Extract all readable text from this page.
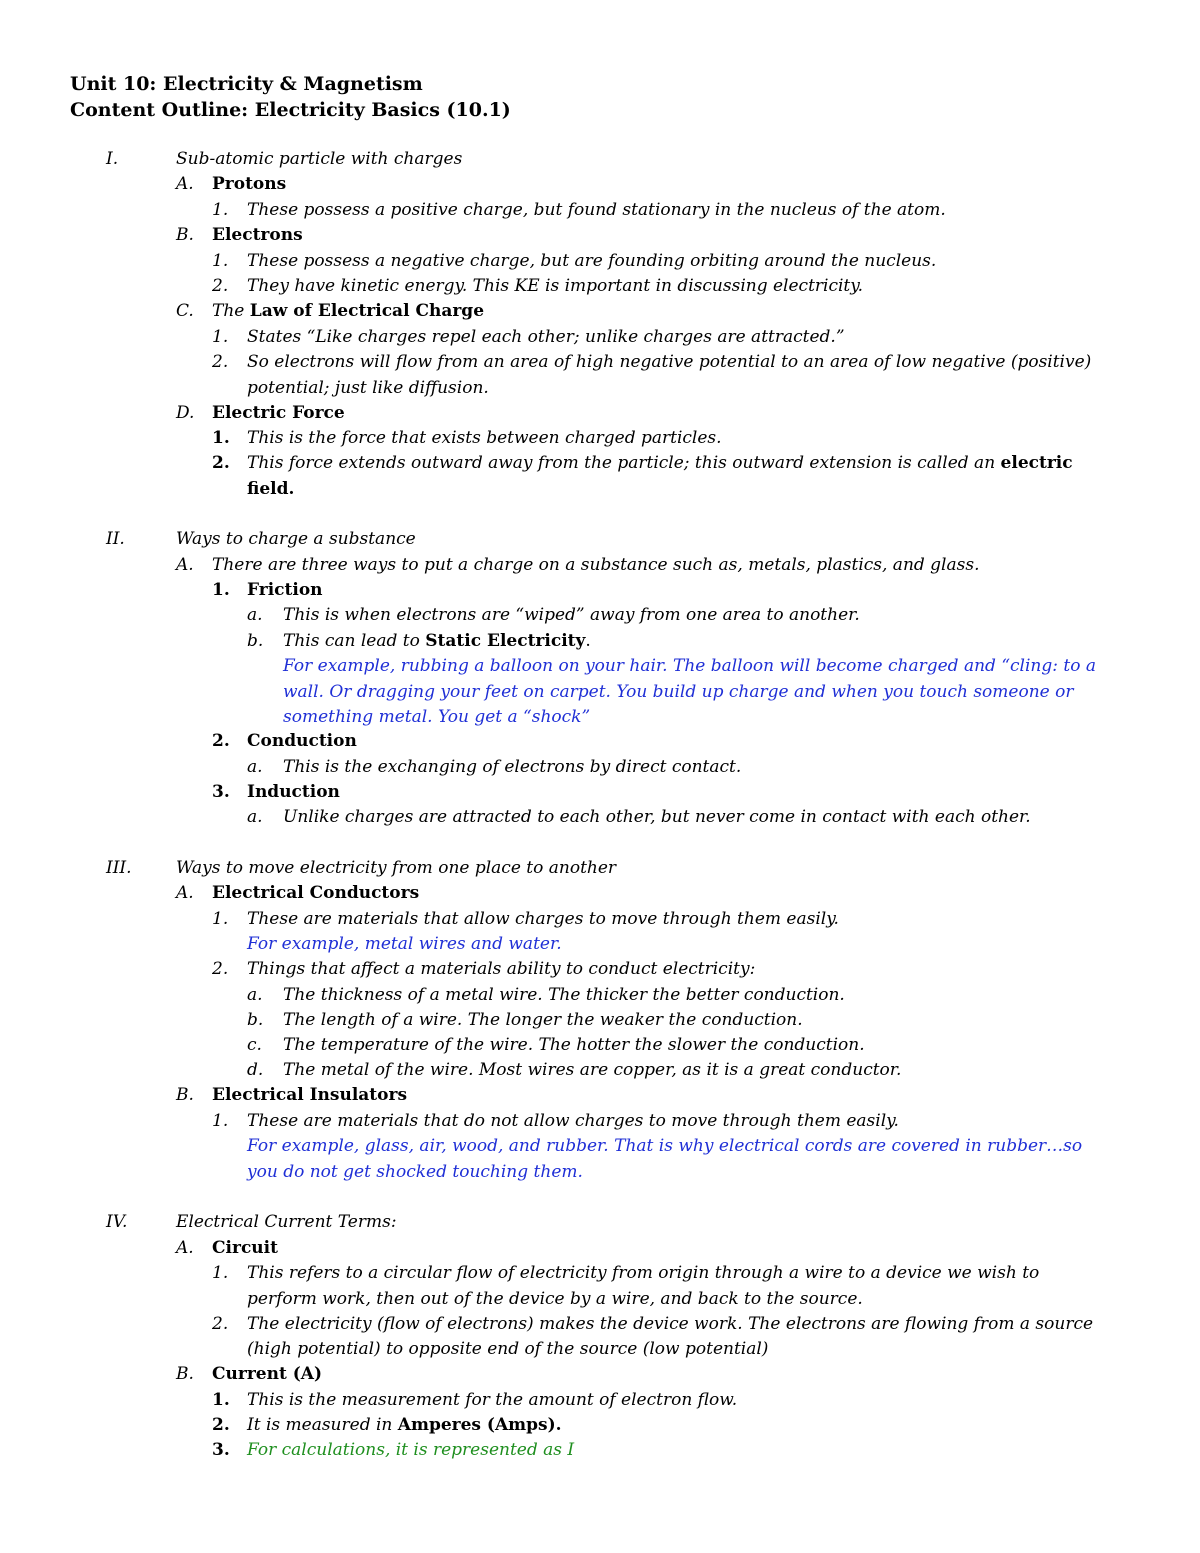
Unit 10: Electricity & Magnetism
Content Outline: Electricity Basics (10.1)
I.	Sub-atomic particle with charges
A. Protons
1. These possess a positive charge, but found stationary in the nucleus of the atom.
B. Electrons
1. These possess a negative charge, but are founding orbiting around the nucleus.
2. They have kinetic energy. This KE is important in discussing electricity.
C. The Law of Electrical Charge
1. States “Like charges repel each other; unlike charges are attracted.”
2. So electrons will flow from an area of high negative potential to an area of low negative (positive)
potential; just like diffusion.
D. Electric Force
1. This is the force that exists between charged particles.
2. This force extends outward away from the particle; this outward extension is called an electric
field.
II.	Ways to charge a substance
A. There are three ways to put a charge on a substance such as, metals, plastics, and glass.
1. Friction
a. This is when electrons are “wiped” away from one area to another.
b. This can lead to Static Electricity.
For example, rubbing a balloon on your hair. The balloon will become charged and “cling: to a
wall. Or dragging your feet on carpet. You build up charge and when you touch someone or
something metal. You get a “shock”
2. Conduction
a. This is the exchanging of electrons by direct contact.
3. Induction
a. Unlike charges are attracted to each other, but never come in contact with each other.
III.	Ways to move electricity from one place to another
A. Electrical Conductors
1. These are materials that allow charges to move through them easily.
For example, metal wires and water.
2. Things that affect a materials ability to conduct electricity:
a. The thickness of a metal wire. The thicker the better conduction.
b. The length of a wire. The longer the weaker the conduction.
c. The temperature of the wire. The hotter the slower the conduction.
d. The metal of the wire. Most wires are copper, as it is a great conductor.
B. Electrical Insulators
1. These are materials that do not allow charges to move through them easily.
For example, glass, air, wood, and rubber. That is why electrical cords are covered in rubber…so
you do not get shocked touching them.
IV.	Electrical Current Terms:
A. Circuit
1. This refers to a circular flow of electricity from origin through a wire to a device we wish to
perform work, then out of the device by a wire, and back to the source.
2. The electricity (flow of electrons) makes the device work. The electrons are flowing from a source
(high potential) to opposite end of the source (low potential)
B. Current (A)
1. This is the measurement for the amount of electron flow.
2. It is measured in Amperes (Amps).
3. For calculations, it is represented as I
